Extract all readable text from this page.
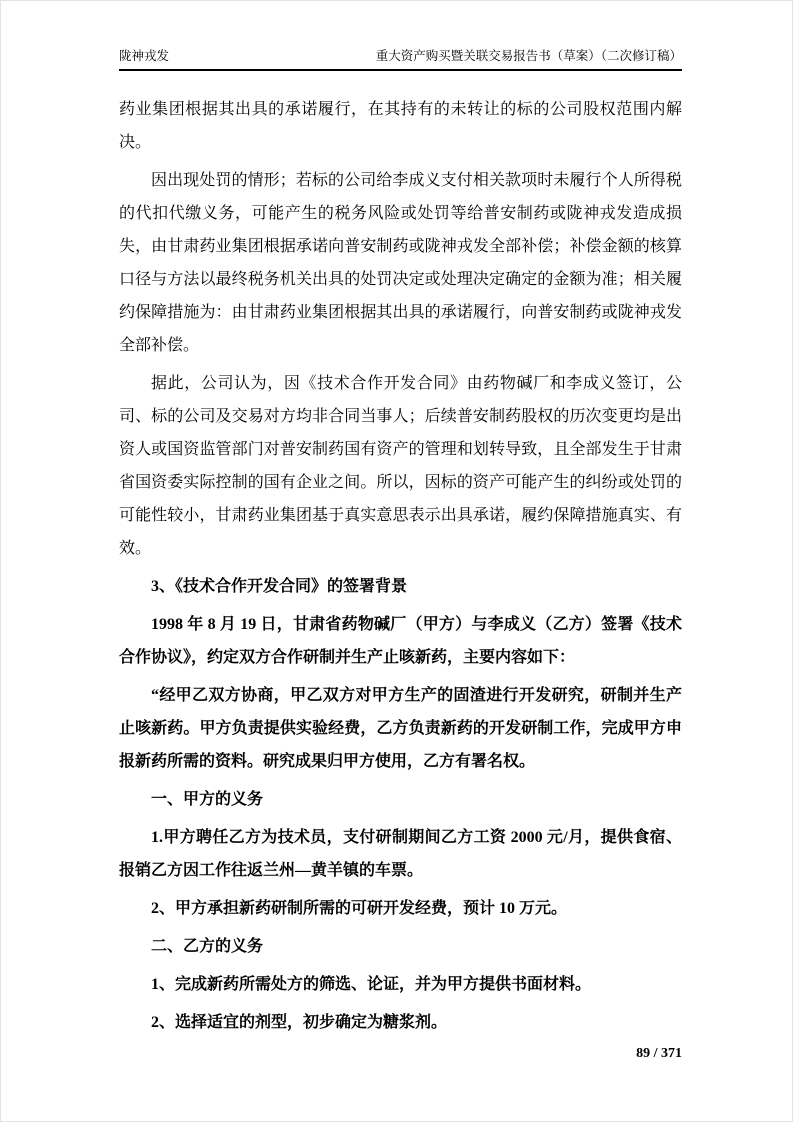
陇神戎发	重大资产购买暨关联交易报告书（草案）（二次修订稿）

药业集团根据其出具的承诺履行，在其持有的未转让的标的公司股权范围内解决。

因出现处罚的情形；若标的公司给李成义支付相关款项时未履行个人所得税的代扣代缴义务，可能产生的税务风险或处罚等给普安制药或陇神戎发造成损失，由甘肃药业集团根据承诺向普安制药或陇神戎发全部补偿；补偿金额的核算口径与方法以最终税务机关出具的处罚决定或处理决定确定的金额为准；相关履约保障措施为：由甘肃药业集团根据其出具的承诺履行，向普安制药或陇神戎发全部补偿。

据此，公司认为，因《技术合作开发合同》由药物碱厂和李成义签订，公司、标的公司及交易对方均非合同当事人；后续普安制药股权的历次变更均是出资人或国资监管部门对普安制药国有资产的管理和划转导致，且全部发生于甘肃省国资委实际控制的国有企业之间。所以，因标的资产可能产生的纠纷或处罚的可能性较小，甘肃药业集团基于真实意思表示出具承诺，履约保障措施真实、有效。

3、《技术合作开发合同》的签署背景

1998 年 8 月 19 日，甘肃省药物碱厂（甲方）与李成义（乙方）签署《技术合作协议》，约定双方合作研制并生产止咳新药，主要内容如下：

“经甲乙双方协商，甲乙双方对甲方生产的固渣进行开发研究，研制并生产止咳新药。甲方负责提供实验经费，乙方负责新药的开发研制工作，完成甲方申报新药所需的资料。研究成果归甲方使用，乙方有署名权。

一、甲方的义务

1.甲方聘任乙方为技术员，支付研制期间乙方工资 2000 元/月，提供食宿、报销乙方因工作往返兰州—黄羊镇的车票。

2、甲方承担新药研制所需的可研开发经费，预计 10 万元。

二、乙方的义务

1、完成新药所需处方的筛选、论证，并为甲方提供书面材料。

2、选择适宜的剂型，初步确定为糖浆剂。

89 / 371
